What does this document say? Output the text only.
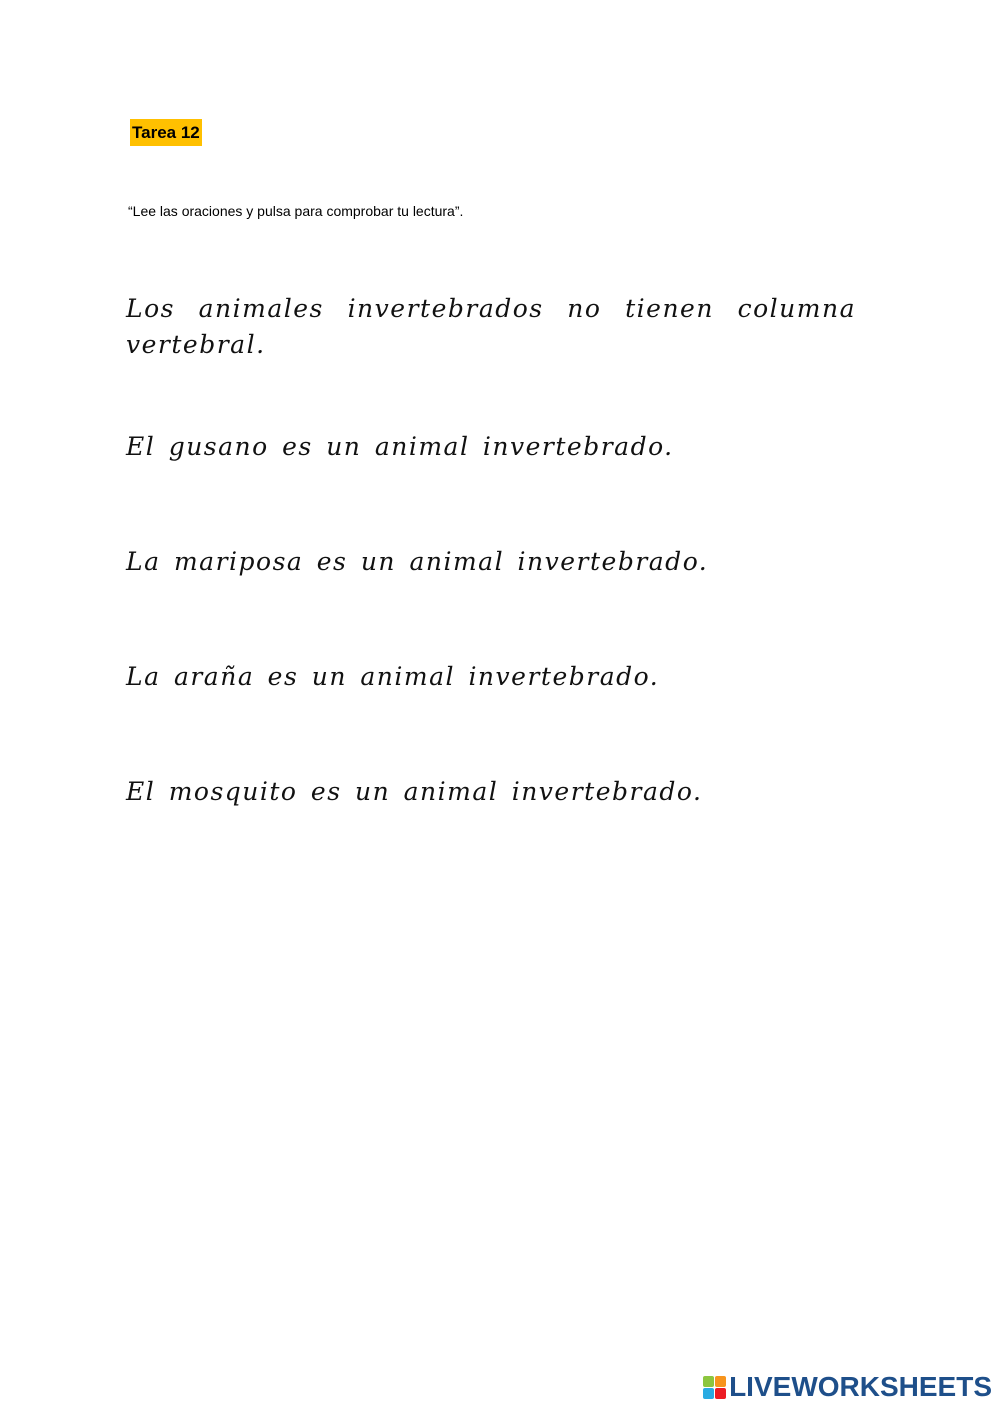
Tarea 12
“Lee las oraciones y pulsa para comprobar tu lectura”.
Los animales invertebrados no tienen columna vertebral.
El gusano es un animal invertebrado.
La mariposa es un animal invertebrado.
La araña es un animal invertebrado.
El mosquito es un animal invertebrado.
LIVEWORKSHEETS
